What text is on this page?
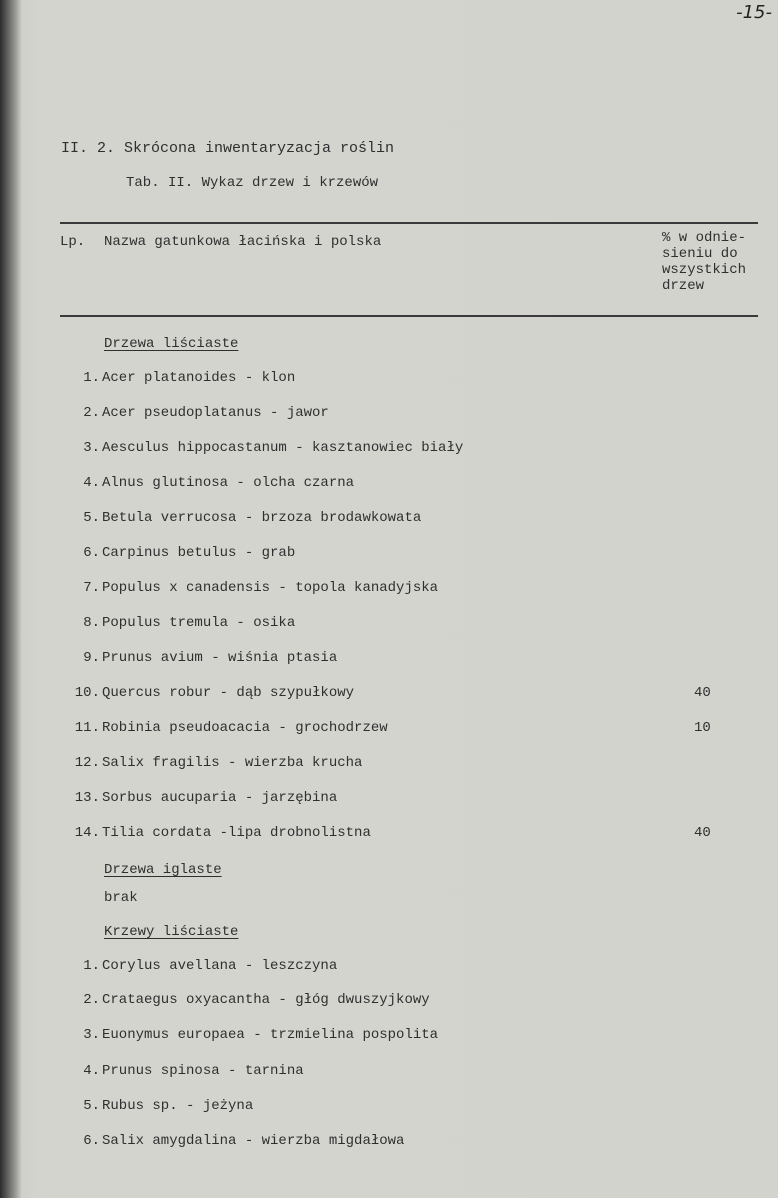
-15-
II. 2. Skrócona inwentaryzacja roślin
Tab. II. Wykaz drzew i krzewów
Lp. Nazwa gatunkowa łacińska i polska	% w odnie-
sieniu do
wszystkich
drzew
Drzewa liściaste
1. Acer platanoides - klon
2. Acer pseudoplatanus - jawor
3. Aesculus hippocastanum - kasztanowiec biały
4. Alnus glutinosa - olcha czarna
5. Betula verrucosa - brzoza brodawkowata
6. Carpinus betulus - grab
7. Populus x canadensis - topola kanadyjska
8. Populus tremula - osika
9. Prunus avium - wiśnia ptasia
10. Quercus robur - dąb szypułkowy	40
11. Robinia pseudoacacia - grochodrzew	10
12. Salix fragilis - wierzba krucha
13. Sorbus aucuparia - jarzębina
14. Tilia cordata -lipa drobnolistna	40
Drzewa iglaste
brak
Krzewy liściaste
1. Corylus avellana - leszczyna
2. Crataegus oxyacantha - głóg dwuszyjkowy
3. Euonymus europaea - trzmielina pospolita
4. Prunus spinosa - tarnina
5. Rubus sp. - jeżyna
6. Salix amygdalina - wierzba migdałowa
